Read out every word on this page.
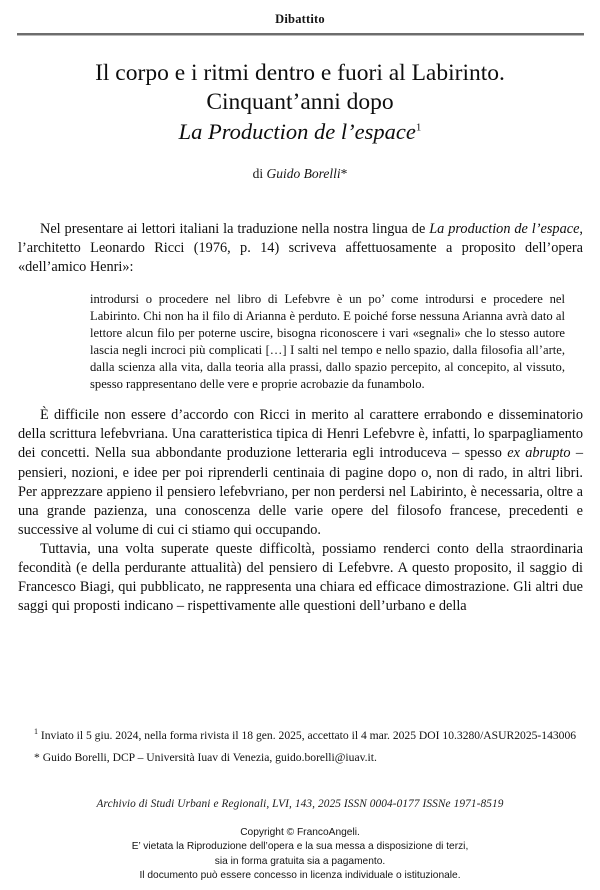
Dibattito
Il corpo e i ritmi dentro e fuori al Labirinto.
Cinquant’anni dopo
La Production de l’espace$^1$
di Guido Borelli*

Nel presentare ai lettori italiani la traduzione nella nostra lingua de La production de l’espace, l’architetto Leonardo Ricci (1976, p. 14) scriveva affettuosamente a proposito dell’opera «dell’amico Henri»:

introdursi o procedere nel libro di Lefebvre è un po’ come introdursi e procedere nel Labirinto. Chi non ha il filo di Arianna è perduto. E poiché forse nessuna Arianna avrà dato al lettore alcun filo per poterne uscire, bisogna riconoscere i vari «segnali» che lo stesso autore lascia negli incroci più complicati […] I salti nel tempo e nello spazio, dalla filosofia all’arte, dalla scienza alla vita, dalla teoria alla prassi, dallo spazio percepito, al concepito, al vissuto, spesso rappresentano delle vere e proprie acrobazie da funambolo.

È difficile non essere d’accordo con Ricci in merito al carattere errabondo e disseminatorio della scrittura lefebvriana. Una caratteristica tipica di Henri Lefebvre è, infatti, lo sparpagliamento dei concetti. Nella sua abbondante produzione letteraria egli introduceva – spesso ex abrupto – pensieri, nozioni, e idee per poi riprenderli centinaia di pagine dopo o, non di rado, in altri libri. Per apprezzare appieno il pensiero lefebvriano, per non perdersi nel Labirinto, è necessaria, oltre a una grande pazienza, una conoscenza delle varie opere del filosofo francese, precedenti e successive al volume di cui ci stiamo qui occupando.

Tuttavia, una volta superate queste difficoltà, possiamo renderci conto della straordinaria fecondità (e della perdurante attualità) del pensiero di Lefebvre. A questo proposito, il saggio di Francesco Biagi, qui pubblicato, ne rappresenta una chiara ed efficace dimostrazione. Gli altri due saggi qui proposti indicano – rispettivamente alle questioni dell’urbano e della

$^1$ Inviato il 5 giu. 2024, nella forma rivista il 18 gen. 2025, accettato il 4 mar. 2025 DOI 10.3280/ASUR2025-143006

* Guido Borelli, DCP – Università Iuav di Venezia, guido.borelli@iuav.it.

Archivio di Studi Urbani e Regionali, LVI, 143, 2025 ISSN 0004-0177 ISSNe 1971-8519
Copyright © FrancoAngeli.
E’ vietata la Riproduzione dell’opera e la sua messa a disposizione di terzi,
sia in forma gratuita sia a pagamento.
Il documento può essere concesso in licenza individuale o istituzionale.
